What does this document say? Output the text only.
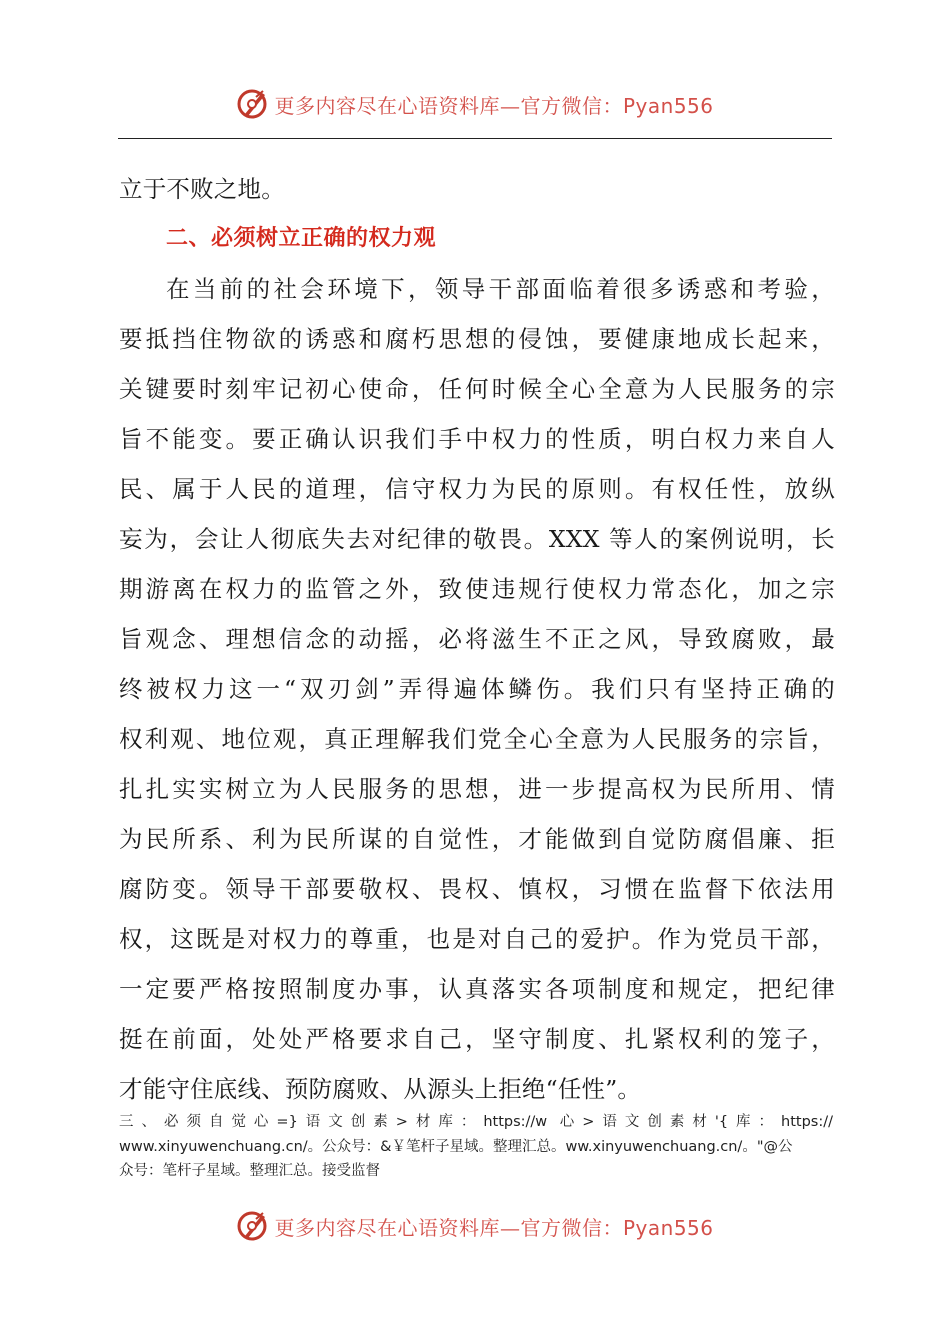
更多内容尽在心语资料库—官方微信：Pyan556
立于不败之地。
二、必须树立正确的权力观
在当前的社会环境下，领导干部面临着很多诱惑和考验，
要抵挡住物欲的诱惑和腐朽思想的侵蚀，要健康地成长起来，
关键要时刻牢记初心使命，任何时候全心全意为人民服务的宗
旨不能变。要正确认识我们手中权力的性质，明白权力来自人
民、属于人民的道理，信守权力为民的原则。有权任性，放纵
妄为，会让人彻底失去对纪律的敬畏。XXX 等人的案例说明，长
期游离在权力的监管之外，致使违规行使权力常态化，加之宗
旨观念、理想信念的动摇，必将滋生不正之风，导致腐败，最
终被权力这一“双刃剑”弄得遍体鳞伤。我们只有坚持正确的
权利观、地位观，真正理解我们党全心全意为人民服务的宗旨，
扎扎实实树立为人民服务的思想，进一步提高权为民所用、情
为民所系、利为民所谋的自觉性，才能做到自觉防腐倡廉、拒
腐防变。领导干部要敬权、畏权、慎权，习惯在监督下依法用
权，这既是对权力的尊重，也是对自己的爱护。作为党员干部，
一定要严格按照制度办事，认真落实各项制度和规定，把纪律
挺在前面，处处严格要求自己，坚守制度、扎紧权利的笼子，
才能守住底线、预防腐败、从源头上拒绝“任性”。
三、必须自觉心=}语文创素>材库：https://w 心>语文创素材'{库：https://
www.xinyuwenchuang.cn/。公众号：&￥笔杆子星域。整理汇总。ww.xinyuwenchuang.cn/。"@公
众号：笔杆子星域。整理汇总。接受监督
更多内容尽在心语资料库—官方微信：Pyan556
